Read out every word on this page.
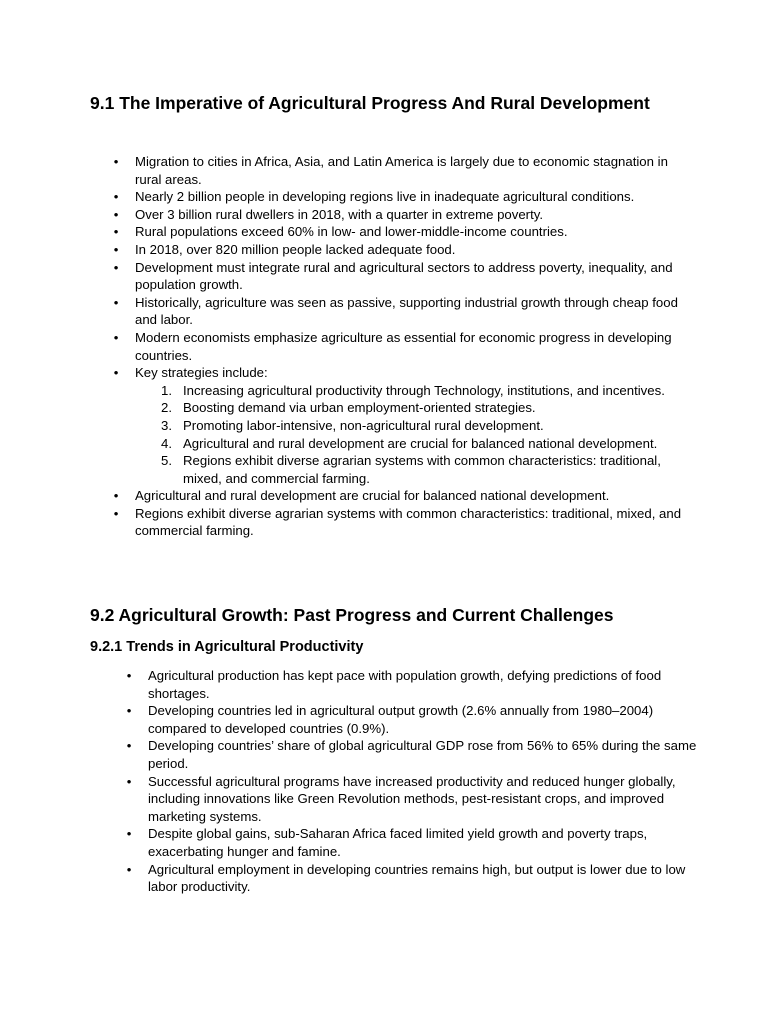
9.1 The Imperative of Agricultural Progress And Rural Development
• Migration to cities in Africa, Asia, and Latin America is largely due to economic stagnation in rural areas.
• Nearly 2 billion people in developing regions live in inadequate agricultural conditions.
• Over 3 billion rural dwellers in 2018, with a quarter in extreme poverty.
• Rural populations exceed 60% in low- and lower-middle-income countries.
• In 2018, over 820 million people lacked adequate food.
• Development must integrate rural and agricultural sectors to address poverty, inequality, and population growth.
• Historically, agriculture was seen as passive, supporting industrial growth through cheap food and labor.
• Modern economists emphasize agriculture as essential for economic progress in developing countries.
• Key strategies include:
1. Increasing agricultural productivity through Technology, institutions, and incentives.
2. Boosting demand via urban employment-oriented strategies.
3. Promoting labor-intensive, non-agricultural rural development.
4. Agricultural and rural development are crucial for balanced national development.
5. Regions exhibit diverse agrarian systems with common characteristics: traditional, mixed, and commercial farming.
• Agricultural and rural development are crucial for balanced national development.
• Regions exhibit diverse agrarian systems with common characteristics: traditional, mixed, and commercial farming.
9.2 Agricultural Growth: Past Progress and Current Challenges
9.2.1 Trends in Agricultural Productivity
• Agricultural production has kept pace with population growth, defying predictions of food shortages.
• Developing countries led in agricultural output growth (2.6% annually from 1980–2004) compared to developed countries (0.9%).
• Developing countries’ share of global agricultural GDP rose from 56% to 65% during the same period.
• Successful agricultural programs have increased productivity and reduced hunger globally, including innovations like Green Revolution methods, pest-resistant crops, and improved marketing systems.
• Despite global gains, sub-Saharan Africa faced limited yield growth and poverty traps, exacerbating hunger and famine.
• Agricultural employment in developing countries remains high, but output is lower due to low labor productivity.
